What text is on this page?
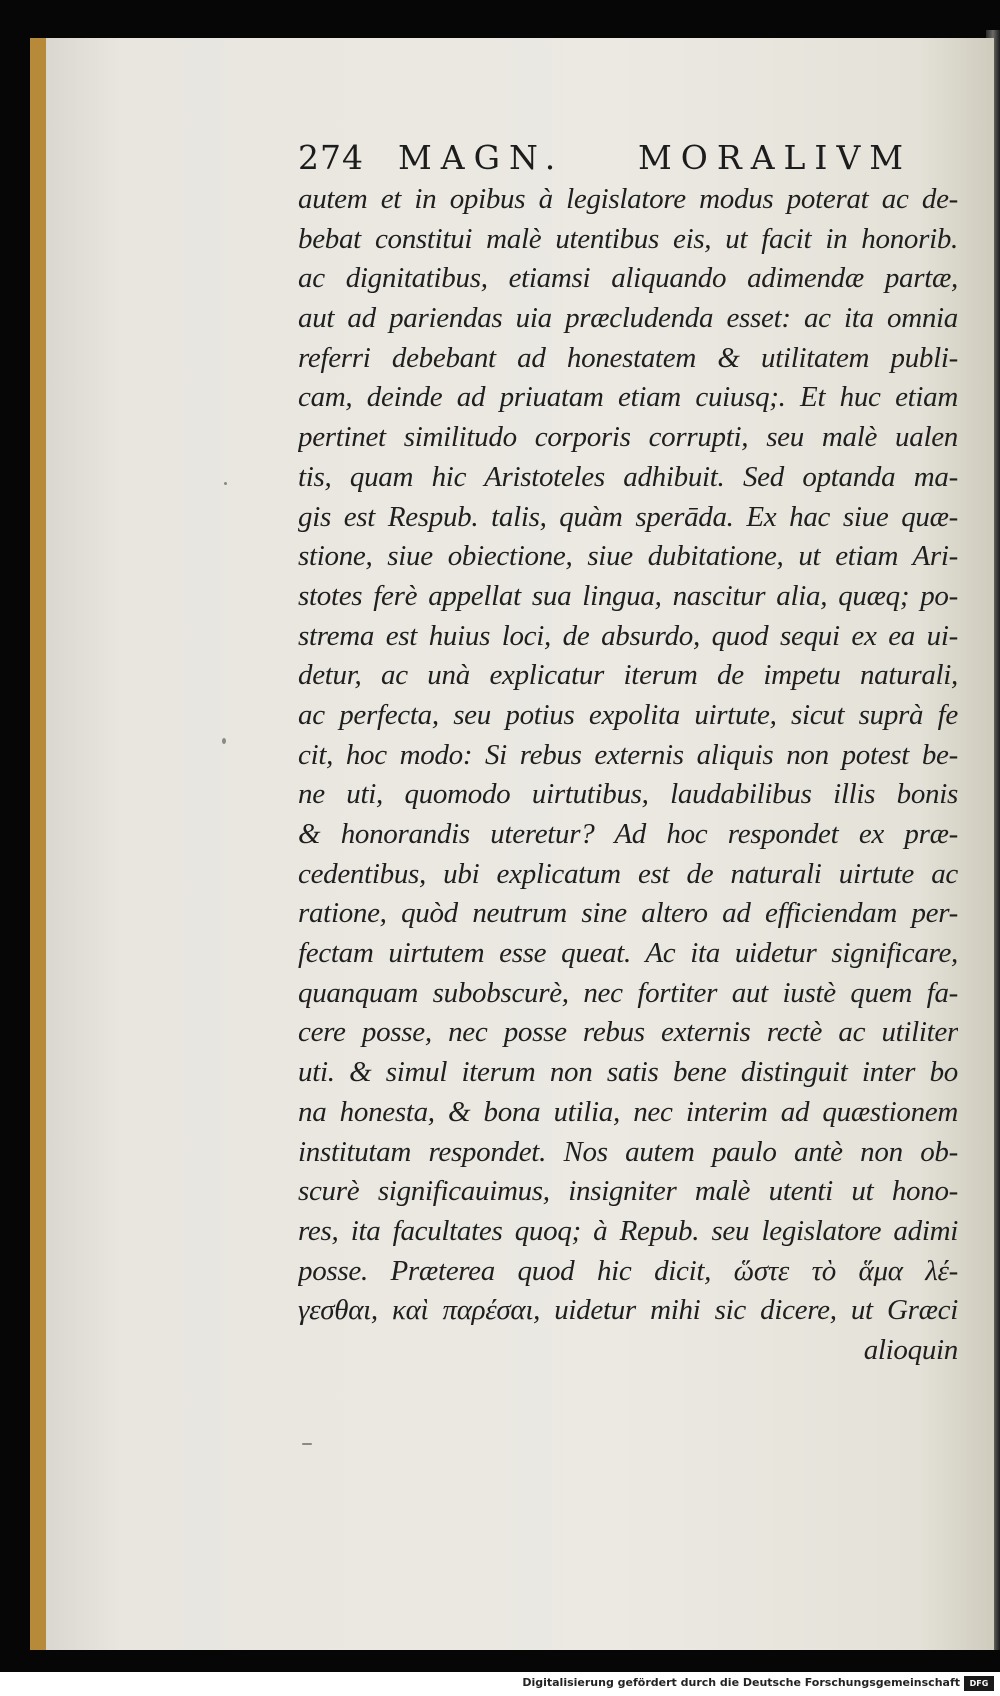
274 MAGN. MORALIVM
autem et in opibus à legislatore modus poterat ac de-
bebat constitui malè utentibus eis, ut facit in honorib.
ac dignitatibus, etiamsi aliquando adimendæ partæ,
aut ad pariendas uia præcludenda esset: ac ita omnia
referri debebant ad honestatem & utilitatem publi-
cam, deinde ad priuatam etiam cuiusq;. Et huc etiam
pertinet similitudo corporis corrupti, seu malè ualen
tis, quam hic Aristoteles adhibuit. Sed optanda ma-
gis est Respub. talis, quàm sperāda. Ex hac siue quæ-
stione, siue obiectione, siue dubitatione, ut etiam Ari-
stotes ferè appellat sua lingua, nascitur alia, quæq; po-
strema est huius loci, de absurdo, quod sequi ex ea ui-
detur, ac unà explicatur iterum de impetu naturali,
ac perfecta, seu potius expolita uirtute, sicut suprà fe
cit, hoc modo: Si rebus externis aliquis non potest be-
ne uti, quomodo uirtutibus, laudabilibus illis bonis
& honorandis uteretur? Ad hoc respondet ex præ-
cedentibus, ubi explicatum est de naturali uirtute ac
ratione, quòd neutrum sine altero ad efficiendam per-
fectam uirtutem esse queat. Ac ita uidetur significare,
quanquam subobscurè, nec fortiter aut iustè quem fa-
cere posse, nec posse rebus externis rectè ac utiliter
uti. & simul iterum non satis bene distinguit inter bo
na honesta, & bona utilia, nec interim ad quæstionem
institutam respondet. Nos autem paulo antè non ob-
scurè significauimus, insigniter malè utenti ut hono-
res, ita facultates quoq; à Repub. seu legislatore adimi
posse. Præterea quod hic dicit, ὥστε τὸ ἅμα λέ-
γεσθαι, καὶ παρέσαι, uidetur mihi sic dicere, ut Græci
alioquin
Digitalisierung gefördert durch die Deutsche Forschungsgemeinschaft	DFG
